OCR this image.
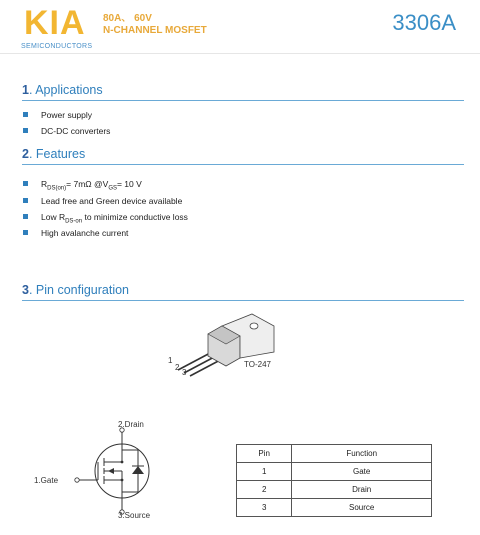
KIA
SEMICONDUCTORS
80A、 60V
N-CHANNEL MOSFET	3306A
1. Applications
Power supply
DC-DC converters
2. Features
$R_{DS(on)}= 7m\Omega$ $@V_{GS}= 10$ V
Lead free and Green device available
Low $R_{DS-on}$ to minimize conductive loss
High avalanche current
3. Pin configuration
1
2
3
TO-247
2.Drain
1.Gate
3.Source
Pin	Function
1	Gate
2	Drain
3	Source
